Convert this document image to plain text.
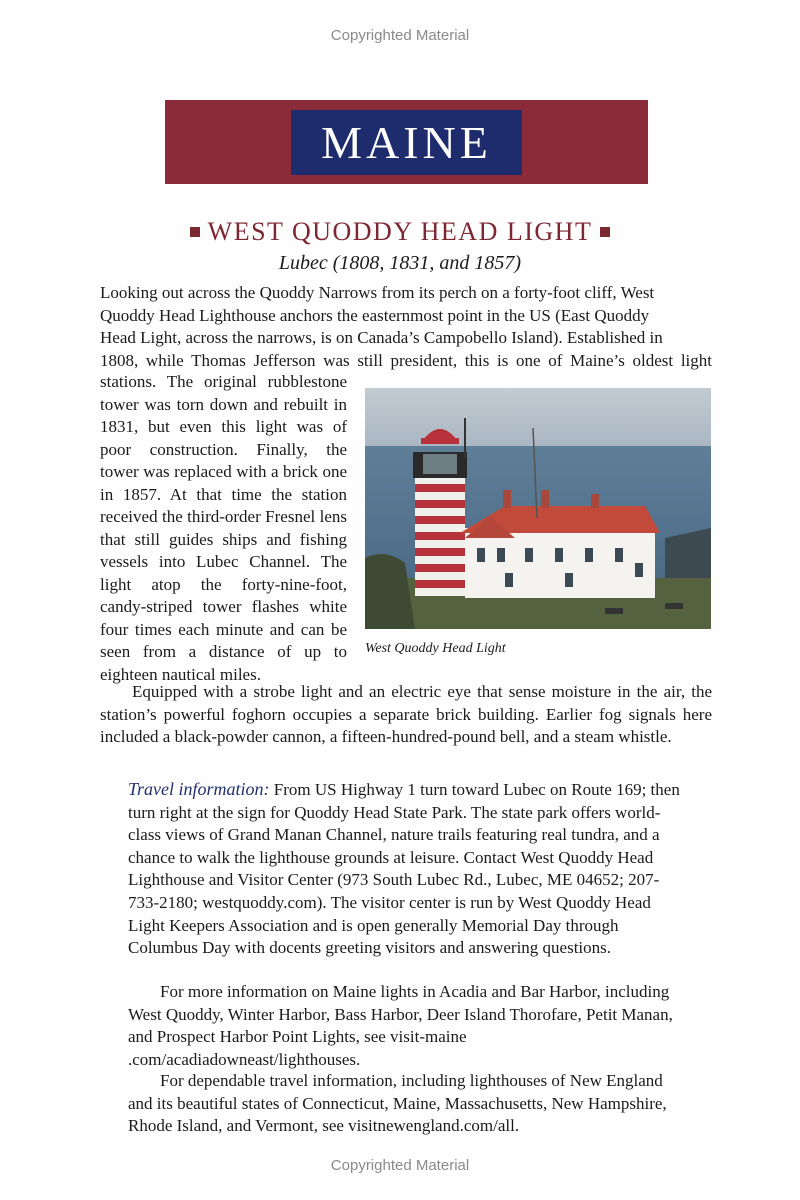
Copyrighted Material
MAINE
WEST QUODDY HEAD LIGHT
Lubec (1808, 1831, and 1857)
Looking out across the Quoddy Narrows from its perch on a forty-foot cliff, West
Quoddy Head Lighthouse anchors the easternmost point in the US (East Quoddy
Head Light, across the narrows, is on Canada’s Campobello Island). Established in
1808, while Thomas Jefferson was still president, this is one of Maine’s oldest light
stations. The original rubblestone tower was torn down and rebuilt in 1831, but even this light was of poor construction. Finally, the tower was replaced with a brick one in 1857. At that time the station received the third-order Fresnel lens that still guides ships and fishing vessels into Lubec Channel. The light atop the forty-nine-foot, candy-striped tower flashes white four times each minute and can be seen from a distance of up to eighteen nautical miles.
West Quoddy Head Light
Equipped with a strobe light and an electric eye that sense moisture in the air, the station’s powerful foghorn occupies a separate brick building. Earlier fog signals here included a black-powder cannon, a fifteen-hundred-pound bell, and a steam whistle.
Travel information: From US Highway 1 turn toward Lubec on Route 169; then turn right at the sign for Quoddy Head State Park. The state park offers world-class views of Grand Manan Channel, nature trails featuring real tundra, and a chance to walk the lighthouse grounds at leisure. Contact West Quoddy Head Lighthouse and Visitor Center (973 South Lubec Rd., Lubec, ME 04652; 207-733-2180; westquoddy.com). The visitor center is run by West Quoddy Head Light Keepers Association and is open generally Memorial Day through Columbus Day with docents greeting visitors and answering questions.
For more information on Maine lights in Acadia and Bar Harbor, including West Quoddy, Winter Harbor, Bass Harbor, Deer Island Thorofare, Petit Manan, and Prospect Harbor Point Lights, see visit-maine .com/acadiadowneast/lighthouses.
For dependable travel information, including lighthouses of New England and its beautiful states of Connecticut, Maine, Massachusetts, New Hampshire, Rhode Island, and Vermont, see visitnewengland.com/all.
Copyrighted Material
